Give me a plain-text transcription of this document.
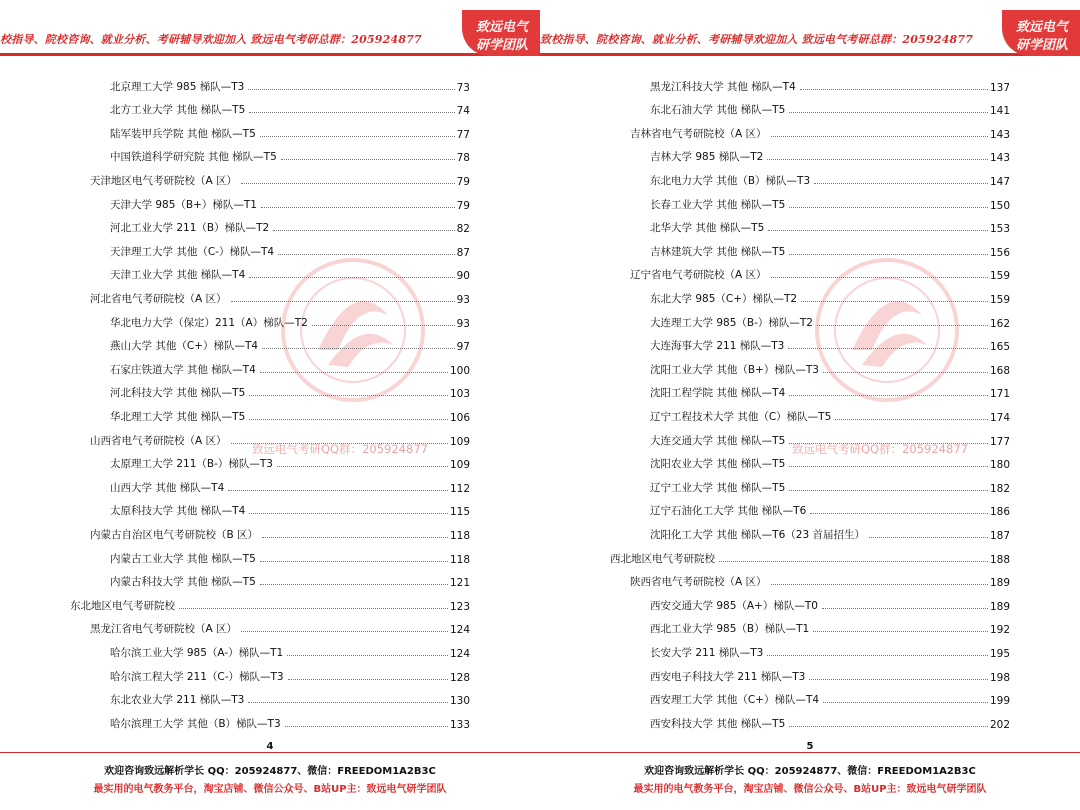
校指导、院校咨询、就业分析、考研辅导欢迎加入 致远电气考研总群：205924877
致远电气
研学团队
致远电气考研QQ群：205924877
北京理工大学 985 梯队—T3	73
北方工业大学 其他 梯队—T5	74
陆军装甲兵学院 其他 梯队—T5	77
中国铁道科学研究院 其他 梯队—T5	78
天津地区电气考研院校（A 区）	79
天津大学 985（B+）梯队—T1	79
河北工业大学 211（B）梯队—T2	82
天津理工大学 其他（C-）梯队—T4	87
天津工业大学 其他 梯队—T4	90
河北省电气考研院校（A 区）	93
华北电力大学（保定）211（A）梯队—T2	93
燕山大学 其他（C+）梯队—T4	97
石家庄铁道大学 其他 梯队—T4	100
河北科技大学 其他 梯队—T5	103
华北理工大学 其他 梯队—T5	106
山西省电气考研院校（A 区）	109
太原理工大学 211（B-）梯队—T3	109
山西大学 其他 梯队—T4	112
太原科技大学 其他 梯队—T4	115
内蒙古自治区电气考研院校（B 区）	118
内蒙古工业大学 其他 梯队—T5	118
内蒙古科技大学 其他 梯队—T5	121
东北地区电气考研院校	123
黑龙江省电气考研院校（A 区）	124
哈尔滨工业大学 985（A-）梯队—T1	124
哈尔滨工程大学 211（C-）梯队—T3	128
东北农业大学 211 梯队—T3	130
哈尔滨理工大学 其他（B）梯队—T3	133
4
欢迎咨询致远解析学长 QQ：205924877、微信：FREEDOM1A2B3C
最实用的电气教务平台，淘宝店铺、微信公众号、B站UP主：致远电气研学团队
致校指导、院校咨询、就业分析、考研辅导欢迎加入 致远电气考研总群：205924877
致远电气
研学团队
致远电气考研QQ群：205924877
黑龙江科技大学 其他 梯队—T4	137
东北石油大学 其他 梯队—T5	141
吉林省电气考研院校（A 区）	143
吉林大学 985 梯队—T2	143
东北电力大学 其他（B）梯队—T3	147
长春工业大学 其他 梯队—T5	150
北华大学 其他 梯队—T5	153
吉林建筑大学 其他 梯队—T5	156
辽宁省电气考研院校（A 区）	159
东北大学 985（C+）梯队—T2	159
大连理工大学 985（B-）梯队—T2	162
大连海事大学 211 梯队—T3	165
沈阳工业大学 其他（B+）梯队—T3	168
沈阳工程学院 其他 梯队—T4	171
辽宁工程技术大学 其他（C）梯队—T5	174
大连交通大学 其他 梯队—T5	177
沈阳农业大学 其他 梯队—T5	180
辽宁工业大学 其他 梯队—T5	182
辽宁石油化工大学 其他 梯队—T6	186
沈阳化工大学 其他 梯队—T6（23 首届招生）	187
西北地区电气考研院校	188
陕西省电气考研院校（A 区）	189
西安交通大学 985（A+）梯队—T0	189
西北工业大学 985（B）梯队—T1	192
长安大学 211 梯队—T3	195
西安电子科技大学 211 梯队—T3	198
西安理工大学 其他（C+）梯队—T4	199
西安科技大学 其他 梯队—T5	202
5
欢迎咨询致远解析学长 QQ：205924877、微信：FREEDOM1A2B3C
最实用的电气教务平台，淘宝店铺、微信公众号、B站UP主：致远电气研学团队
